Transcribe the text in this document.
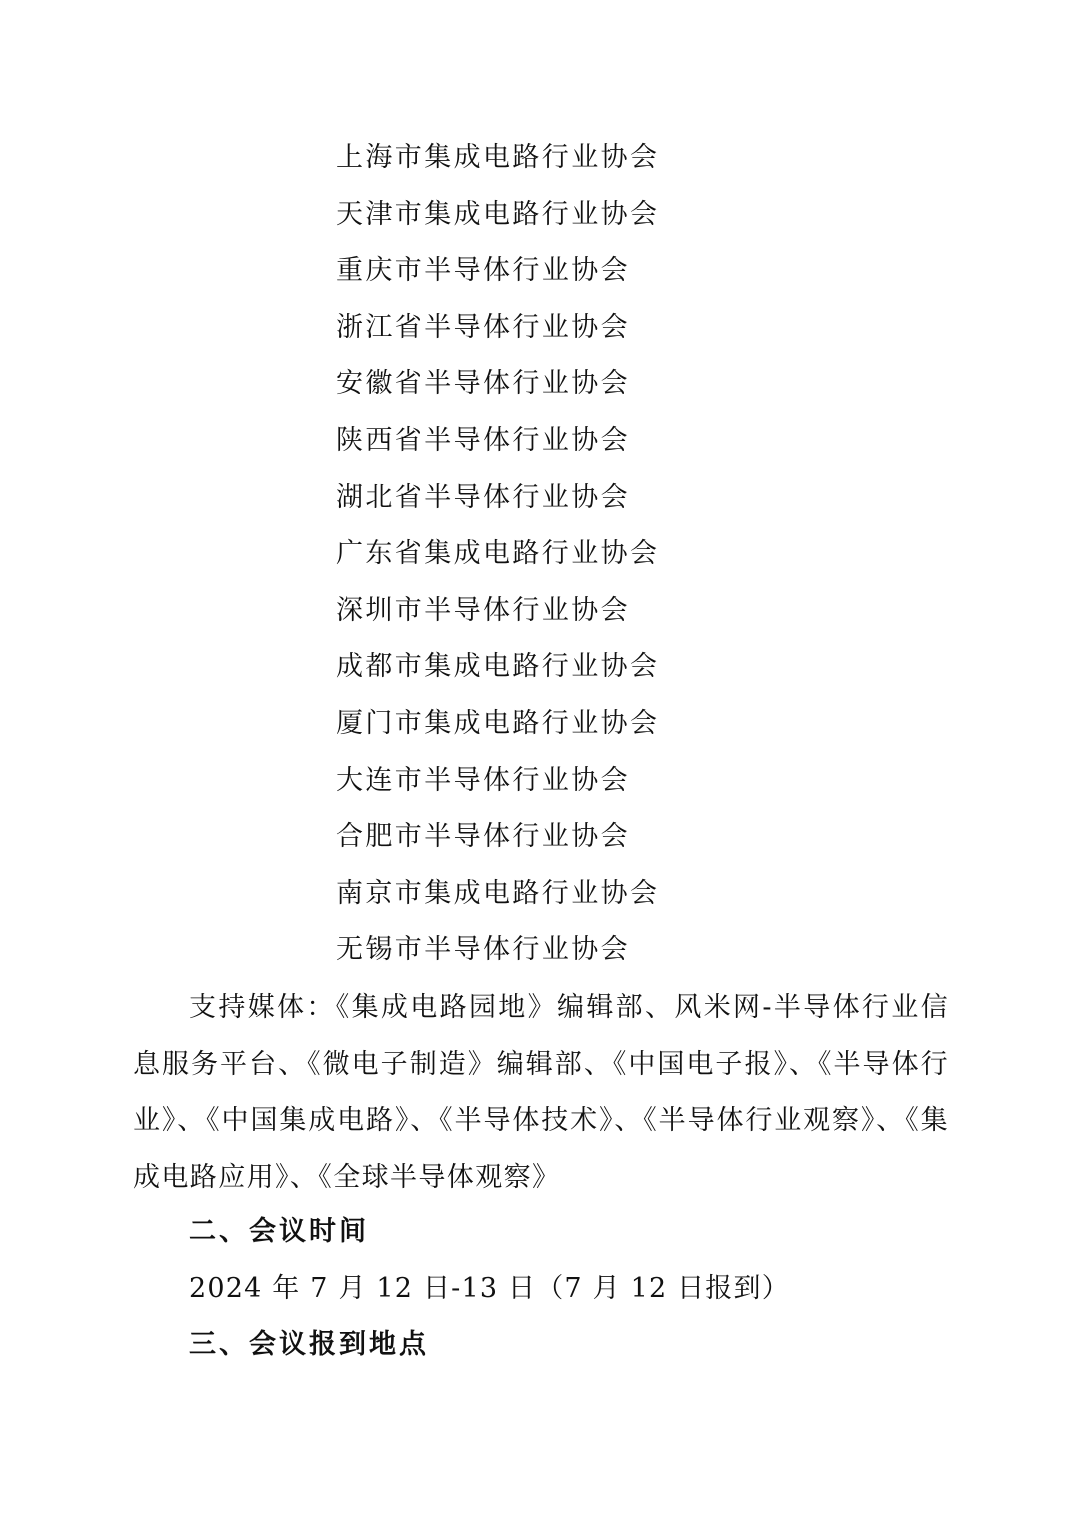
上海市集成电路行业协会
天津市集成电路行业协会
重庆市半导体行业协会
浙江省半导体行业协会
安徽省半导体行业协会
陕西省半导体行业协会
湖北省半导体行业协会
广东省集成电路行业协会
深圳市半导体行业协会
成都市集成电路行业协会
厦门市集成电路行业协会
大连市半导体行业协会
合肥市半导体行业协会
南京市集成电路行业协会
无锡市半导体行业协会

支持媒体：《集成电路园地》编辑部、风米网-半导体行业信息服务平台、《微电子制造》编辑部、《中国电子报》、《半导体行业》、《中国集成电路》、《半导体技术》、《半导体行业观察》、《集成电路应用》、《全球半导体观察》

二、会议时间

2024 年 7 月 12 日-13 日（7 月 12 日报到）

三、会议报到地点
